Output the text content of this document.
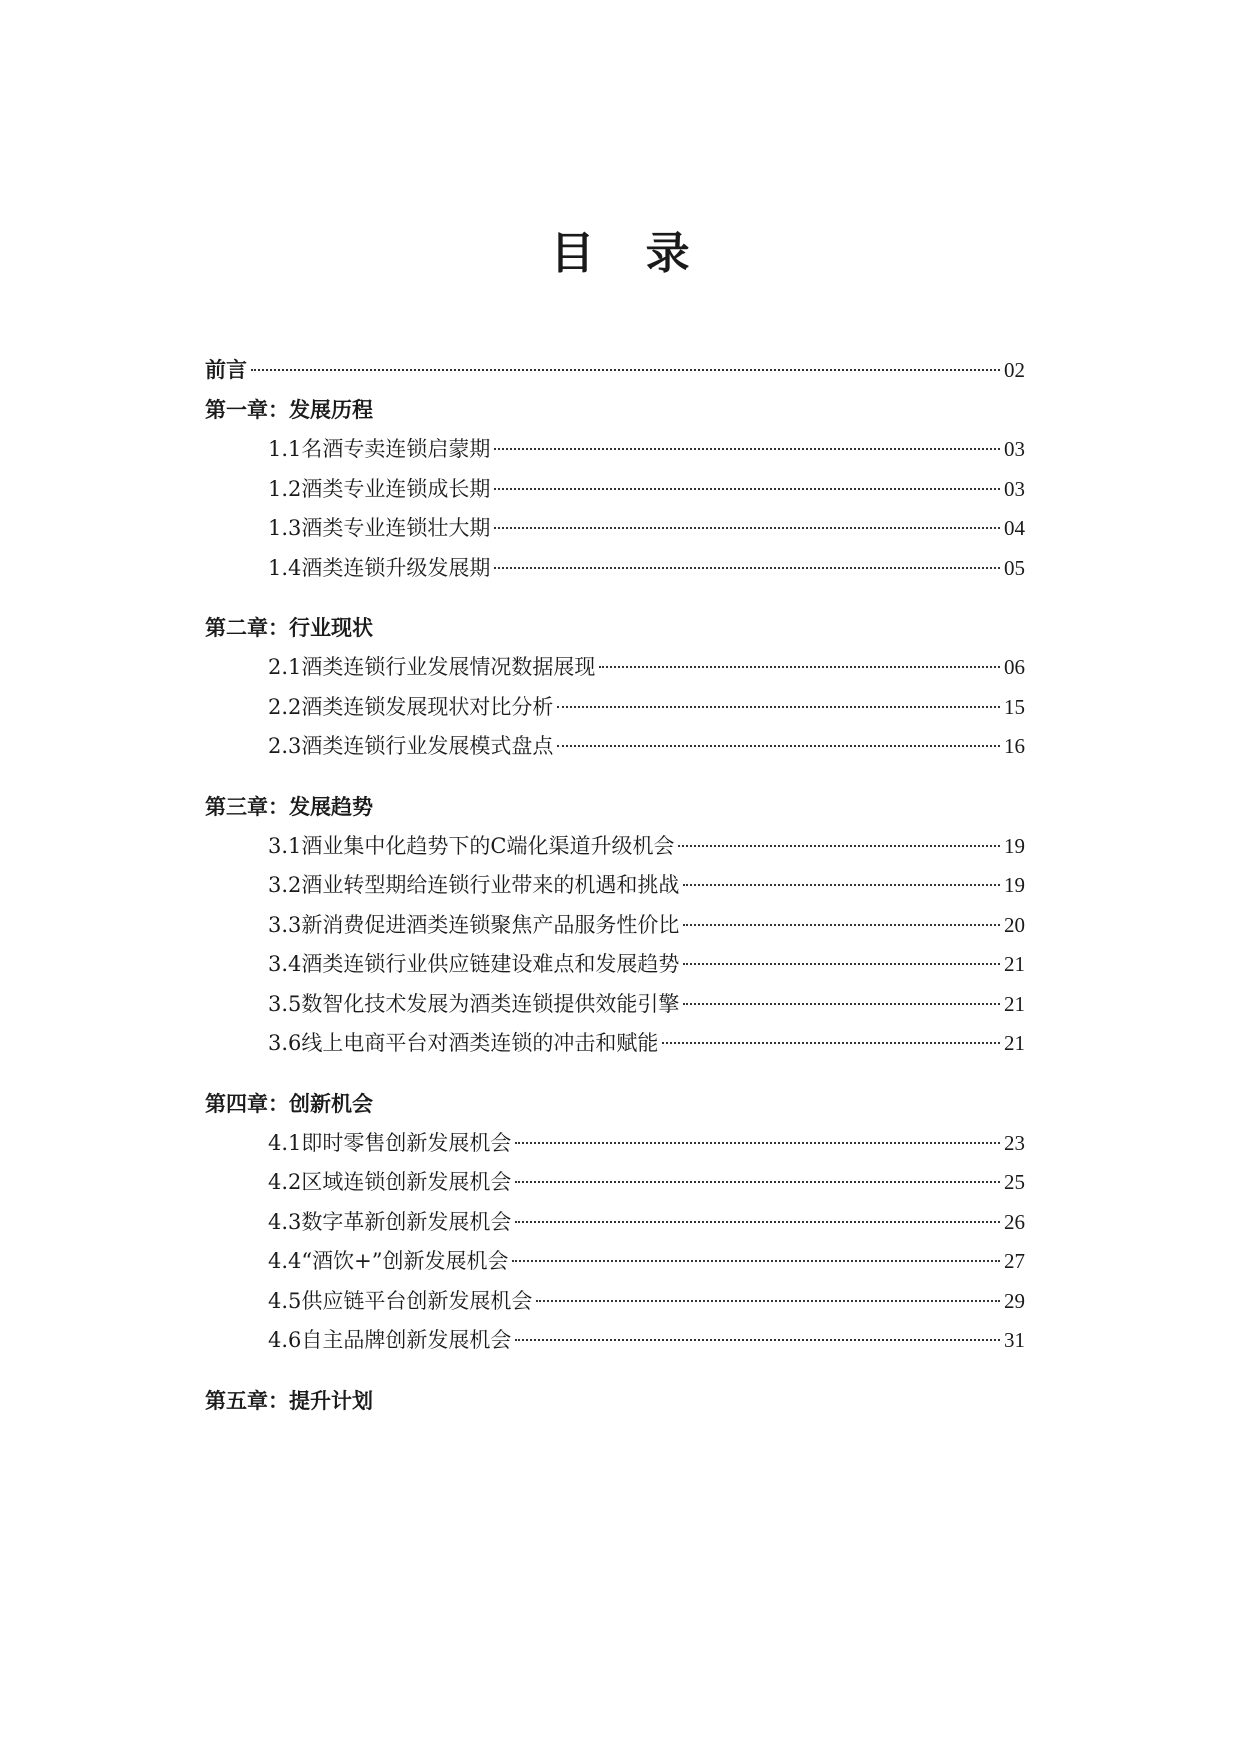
目 录
前言	02
第一章：发展历程
1.1名酒专卖连锁启蒙期	03
1.2酒类专业连锁成长期	03
1.3酒类专业连锁壮大期	04
1.4酒类连锁升级发展期	05
第二章：行业现状
2.1酒类连锁行业发展情况数据展现	06
2.2酒类连锁发展现状对比分析	15
2.3酒类连锁行业发展模式盘点	16
第三章：发展趋势
3.1酒业集中化趋势下的C端化渠道升级机会	19
3.2酒业转型期给连锁行业带来的机遇和挑战	19
3.3新消费促进酒类连锁聚焦产品服务性价比	20
3.4酒类连锁行业供应链建设难点和发展趋势	21
3.5数智化技术发展为酒类连锁提供效能引擎	21
3.6线上电商平台对酒类连锁的冲击和赋能	21
第四章：创新机会
4.1即时零售创新发展机会	23
4.2区域连锁创新发展机会	25
4.3数字革新创新发展机会	26
4.4“酒饮+”创新发展机会	27
4.5供应链平台创新发展机会	29
4.6自主品牌创新发展机会	31
第五章：提升计划
